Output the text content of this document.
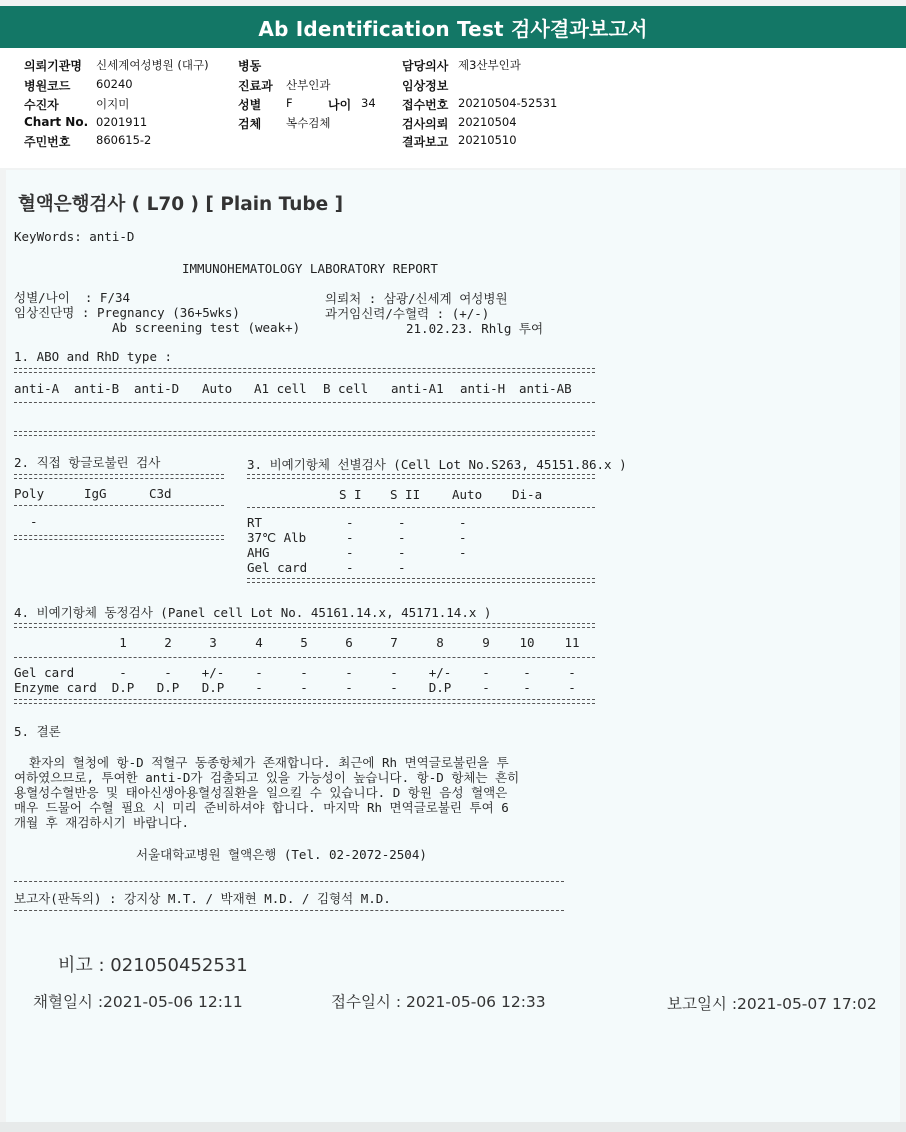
Ab Identification Test 검사결과보고서
의뢰기관명 신세계여성병원 (대구)
병원코드 60240
수진자	이지미
Chart No. 0201911
주민번호 860615-2
병동
진료과 산부인과
성별 F	나이 34
검체 복수검체
담당의사 제3산부인과
임상정보
접수번호 20210504-52531
검사의뢰 20210504
결과보고 20210510
혈액은행검사 ( L70 ) [ Plain Tube ]
KeyWords: anti-D
IMMUNOHEMATOLOGY LABORATORY REPORT
성별/나이  : F/34
임상진단명 : Pregnancy (36+5wks)
Ab screening test (weak+)
의뢰처 : 삼광/신세계 여성병원
과거임신력/수혈력 : (+/-)
21.02.23. Rhlg 투여
1. ABO and RhD type :
anti-A anti-B anti-D Auto A1 cell B cell anti-A1 anti-H anti-AB
2. 직접 항글로불린 검사
Poly	IgG	C3d
-
3. 비예기항체 선별검사 (Cell Lot No.S263, 45151.86.x )
S I S II	Auto Di-a
RT	-	-	-
37℃ Alb	-	-	-
AHG	-	-	-
Gel card	-	-
4. 비예기항체 동정검사 (Panel cell Lot No. 45161.14.x, 45171.14.x )
5. 결론
환자의 혈청에 항-D 적혈구 동종항체가 존재합니다. 최근에 Rh 면역글로불린을 투
여하였으므로, 투여한 anti-D가 검출되고 있을 가능성이 높습니다. 항-D 항체는 흔히
용혈성수혈반응 및 태아신생아용혈성질환을 일으킬 수 있습니다. D 항원 음성 혈액은
매우 드물어 수혈 필요 시 미리 준비하셔야 합니다. 마지막 Rh 면역글로불린 투여 6
개월 후 재검하시기 바랍니다.
서울대학교병원 혈액은행 (Tel. 02-2072-2504)
보고자(판독의) : 강지상 M.T. / 박재현 M.D. / 김형석 M.D.
비고 : 021050452531
채혈일시 :2021-05-06 12:11	접수일시 : 2021-05-06 12:33	보고일시 :2021-05-07 17:02
1	2	3	4	5	6	7	8	9 10 11
Gel card	-	- +/- -	-	-	- +/- -	-	-
Enzyme card D.P D.P D.P -	-	-	- D.P -	-	-
